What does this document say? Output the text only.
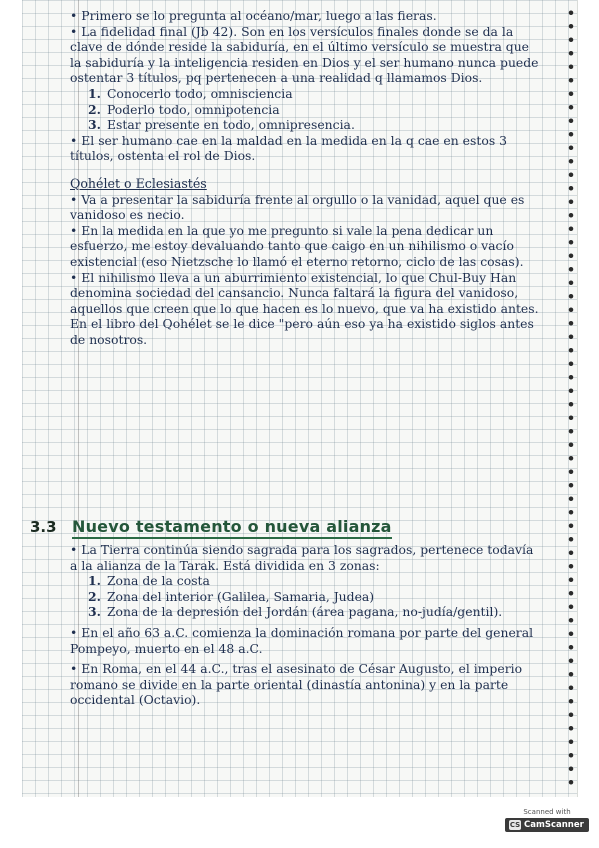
• Primero se lo pregunta al océano/mar, luego a las fieras.

• La fidelidad final (Jb 42). Son en los versículos finales donde se da la clave de dónde reside la sabiduría, en el último versículo se muestra que la sabiduría y la inteligencia residen en Dios y el ser humano nunca puede ostentar 3 títulos, pq pertenecen a una realidad q llamamos Dios.

1. Conocerlo todo, omnisciencia
2. Poderlo todo, omnipotencia
3. Estar presente en todo, omnipresencia.

• El ser humano cae en la maldad en la medida en la q cae en estos 3 títulos, ostenta el rol de Dios.

Qohélet o Eclesiastés

• Va a presentar la sabiduría frente al orgullo o la vanidad, aquel que es vanidoso es necio.

• En la medida en la que yo me pregunto si vale la pena dedicar un esfuerzo, me estoy devaluando tanto que caigo en un nihilismo o vacío existencial (eso Nietzsche lo llamó el eterno retorno, ciclo de las cosas).

• El nihilismo lleva a un aburrimiento existencial, lo que Chul-Buy Han denomina sociedad del cansancio. Nunca faltará la figura del vanidoso, aquellos que creen que lo que hacen es lo nuevo, que va ha existido antes. En el libro del Qohélet se le dice "pero aún eso ya ha existido siglos antes de nosotros.

3.3 Nuevo testamento o nueva alianza

• La Tierra continúa siendo sagrada para los sagrados, pertenece todavía a la alianza de la Tarak. Está dividida en 3 zonas:

1. Zona de la costa
2. Zona del interior (Galilea, Samaria, Judea)
3. Zona de la depresión del Jordán (área pagana, no-judía/gentil).

• En el año 63 a.C. comienza la dominación romana por parte del general Pompeyo, muerto en el 48 a.C.

• En Roma, en el 44 a.C., tras el asesinato de César Augusto, el imperio romano se divide en la parte oriental (dinastía antonina) y en la parte occidental (Octavio).

Scanned with
CS CamScanner
